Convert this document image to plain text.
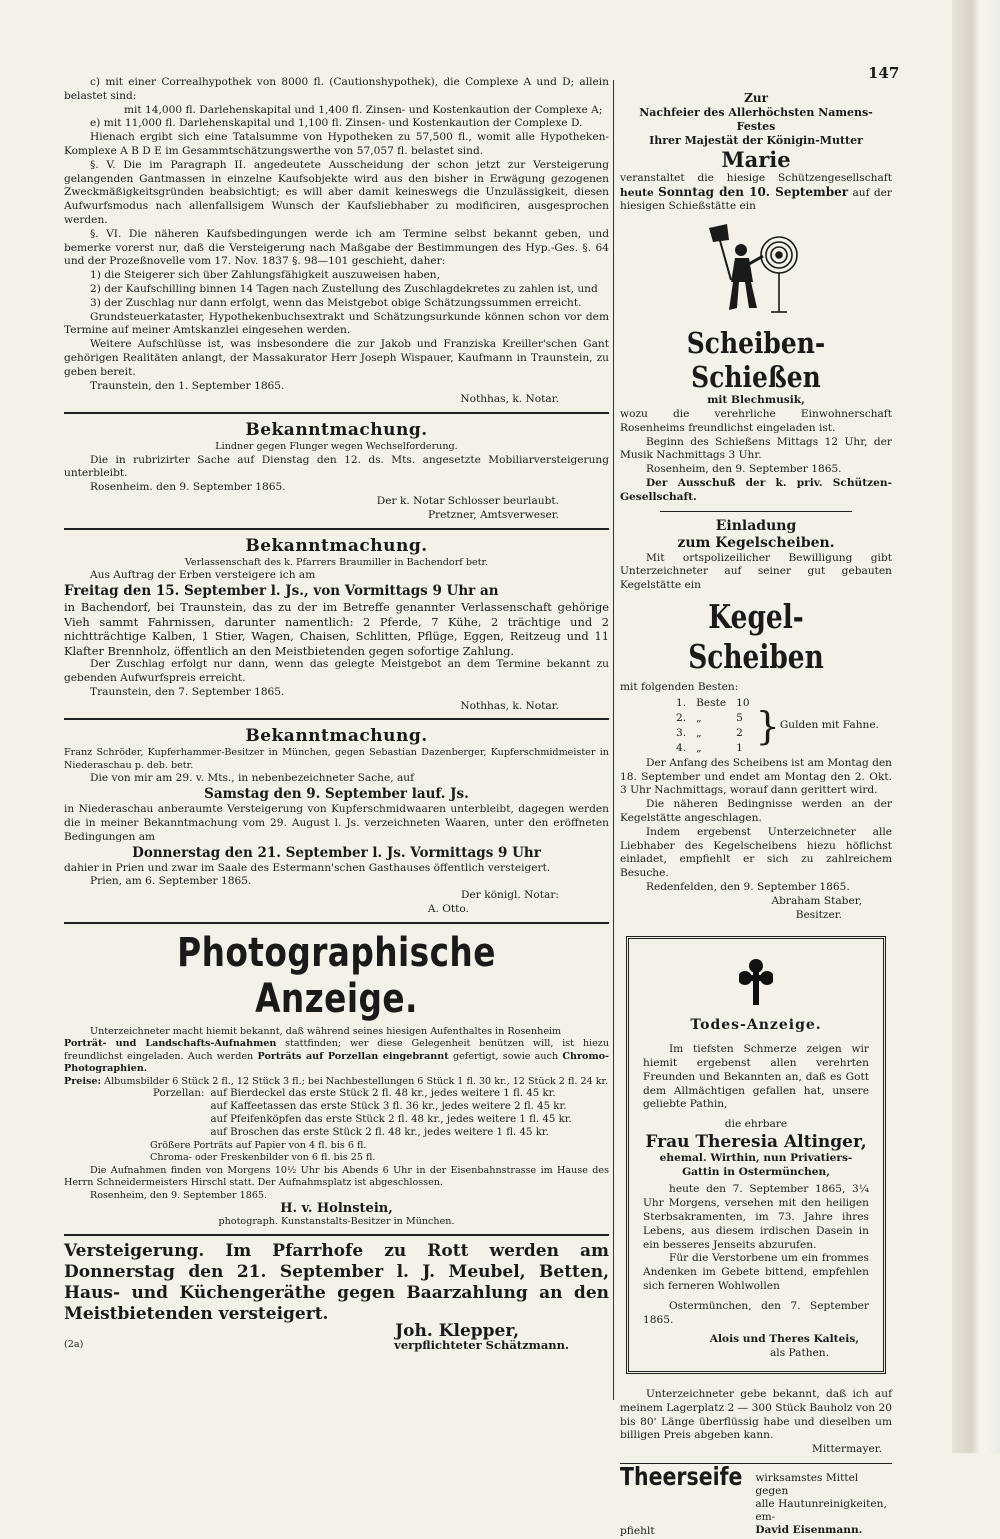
147

c) mit einer Correalhypothek von 8000 fl. (Cautionshypothek), die Complexe A und D; allein belastet sind:

mit 14,000 fl. Darlehenskapital und 1,400 fl. Zinsen- und Kostenkaution der Complexe A;

e) mit 11,000 fl. Darlehenskapital und 1,100 fl. Zinsen- und Kostenkaution der Complexe D.

Hienach ergibt sich eine Tatalsumme von Hypotheken zu 57,500 fl., womit alle Hypotheken-Komplexe A B D E im Gesammtschätzungswerthe von 57,057 fl. belastet sind.

§. V. Die im Paragraph II. angedeutete Ausscheidung der schon jetzt zur Versteigerung gelangenden Gantmassen in einzelne Kaufsobjekte wird aus den bisher in Erwägung gezogenen Zweckmäßigkeitsgründen beabsichtigt; es will aber damit keineswegs die Unzulässigkeit, diesen Aufwurfsmodus nach allenfallsigem Wunsch der Kaufsliebhaber zu modificiren, ausgesprochen werden.

§. VI. Die näheren Kaufsbedingungen werde ich am Termine selbst bekannt geben, und bemerke vorerst nur, daß die Versteigerung nach Maßgabe der Bestimmungen des Hyp.-Ges. §. 64 und der Prozeßnovelle vom 17. Nov. 1837 §. 98—101 geschieht, daher:

1) die Steigerer sich über Zahlungsfähigkeit auszuweisen haben,

2) der Kaufschilling binnen 14 Tagen nach Zustellung des Zuschlagdekretes zu zahlen ist, und

3) der Zuschlag nur dann erfolgt, wenn das Meistgebot obige Schätzungssummen erreicht.

Grundsteuerkataster, Hypothekenbuchsextrakt und Schätzungsurkunde können schon vor dem Termine auf meiner Amtskanzlei eingesehen werden.

Weitere Aufschlüsse ist, was insbesondere die zur Jakob und Franziska Kreiller'schen Gant gehörigen Realitäten anlangt, der Massakurator Herr Joseph Wispauer, Kaufmann in Traunstein, zu geben bereit.

Traunstein, den 1. September 1865.

Nothhas, k. Notar.

Bekanntmachung.

Lindner gegen Flunger wegen Wechselforderung.

Die in rubrizirter Sache auf Dienstag den 12. ds. Mts. angesetzte Mobiliarversteigerung unterbleibt.

Rosenheim. den 9. September 1865.

Der k. Notar Schlosser beurlaubt.

Pretzner, Amtsverweser.

Bekanntmachung.

Verlassenschaft des k. Pfarrers Braumiller in Bachendorf betr.

Aus Auftrag der Erben versteigere ich am

Freitag den 15. September l. Js., von Vormittags 9 Uhr an

in Bachendorf, bei Traunstein, das zu der im Betreffe genannter Verlassenschaft gehörige Vieh sammt Fahrnissen, darunter namentlich: 2 Pferde, 7 Kühe, 2 trächtige und 2 nichtträchtige Kalben, 1 Stier, Wagen, Chaisen, Schlitten, Pflüge, Eggen, Reitzeug und 11 Klafter Brennholz, öffentlich an den Meistbietenden gegen sofortige Zahlung.

Der Zuschlag erfolgt nur dann, wenn das gelegte Meistgebot an dem Termine bekannt zu gebenden Aufwurfspreis erreicht.

Traunstein, den 7. September 1865.

Nothhas, k. Notar.

Bekanntmachung.

Franz Schröder, Kupferhammer-Besitzer in München, gegen Sebastian Dazenberger, Kupferschmidmeister in Niederaschau p. deb. betr.

Die von mir am 29. v. Mts., in nebenbezeichneter Sache, auf

Samstag den 9. September lauf. Js.

in Niederaschau anberaumte Versteigerung von Kupferschmidwaaren unterbleibt, dagegen werden die in meiner Bekanntmachung vom 29. August l. Js. verzeichneten Waaren, unter den eröffneten Bedingungen am

Donnerstag den 21. September l. Js. Vormittags 9 Uhr

dahier in Prien und zwar im Saale des Estermann'schen Gasthauses öffentlich versteigert.

Prien, am 6. September 1865.

Der königl. Notar:

A. Otto.

Photographische Anzeige.

Unterzeichneter macht hiemit bekannt, daß während seines hiesigen Aufenthaltes in Rosenheim

Porträt- und Landschafts-Aufnahmen stattfinden; wer diese Gelegenheit benützen will, ist hiezu freundlichst eingeladen. Auch werden Porträts auf Porzellan eingebrannt gefertigt, sowie auch Chromo-Photographien.

Preise: Albumsbilder 6 Stück 2 fl., 12 Stück 3 fl.; bei Nachbestellungen 6 Stück 1 fl. 30 kr., 12 Stück 2 fl. 24 kr.

Porzellan:	auf Bierdeckel das erste Stück 2 fl. 48 kr., jedes weitere 1 fl. 45 kr.
	auf Kaffeetassen das erste Stück 3 fl. 36 kr., jedes weitere 2 fl. 45 kr.
	auf Pfeifenköpfen das erste Stück 2 fl. 48 kr., jedes weitere 1 fl. 45 kr.
	auf Broschen das erste Stück 2 fl. 48 kr., jedes weitere 1 fl. 45 kr.

Größere Porträts auf Papier von 4 fl. bis 6 fl.

Chroma- oder Freskenbilder von 6 fl. bis 25 fl.

Die Aufnahmen finden von Morgens 10½ Uhr bis Abends 6 Uhr in der Eisenbahnstrasse im Hause des Herrn Schneidermeisters Hirschl statt. Der Aufnahmsplatz ist abgeschlossen.

Rosenheim, den 9. September 1865.

H. v. Holnstein,

photograph. Kunstanstalts-Besitzer in München.

Versteigerung. Im Pfarrhofe zu Rott werden am Donnerstag den 21. September l. J. Meubel, Betten, Haus- und Küchengeräthe gegen Baarzahlung an den Meistbietenden versteigert.

Joh. Klepper,

(2a)	verpflichteter Schätzmann.

Zur

Nachfeier des Allerhöchsten Namens-Festes

Ihrer Majestät der Königin-Mutter

Marie

veranstaltet die hiesige Schützengesellschaft heute Sonntag den 10. September auf der hiesigen Schießstätte ein

Scheiben-Schießen

mit Blechmusik,

wozu die verehrliche Einwohnerschaft Rosenheims freundlichst eingeladen ist.

Beginn des Schießens Mittags 12 Uhr, der Musik Nachmittags 3 Uhr.

Rosenheim, den 9. September 1865.

Der Ausschuß der k. priv. Schützen-Gesellschaft.

Einladung

zum Kegelscheiben.

Mit ortspolizeilicher Bewilligung gibt Unterzeichneter auf seiner gut gebauten Kegelstätte ein

Kegel-Scheiben

mit folgenden Besten:

1.	Beste	10
2.	„	5
3.	„	2
4.	„	1 } Gulden mit Fahne.

Der Anfang des Scheibens ist am Montag den 18. September und endet am Montag den 2. Okt. 3 Uhr Nachmittags, worauf dann gerittert wird.

Die näheren Bedingnisse werden an der Kegelstätte angeschlagen.

Indem ergebenst Unterzeichneter alle Liebhaber des Kegelscheibens hiezu höflichst einladet, empfiehlt er sich zu zahlreichem Besuche.

Redenfelden, den 9. September 1865.

Abraham Staber,

Besitzer.

Todes-Anzeige.

Im tiefsten Schmerze zeigen wir hiemit ergebenst allen verehrten Freunden und Bekannten an, daß es Gott dem Allmächtigen gefallen hat, unsere geliebte Pathin,

die ehrbare

Frau Theresia Altinger,

ehemal. Wirthin, nun Privatiers-Gattin in Ostermünchen,

heute den 7. September 1865, 3¼ Uhr Morgens, versehen mit den heiligen Sterbsakramenten, im 73. Jahre ihres Lebens, aus diesem irdischen Dasein in ein besseres Jenseits abzurufen.

Für die Verstorbene um ein frommes Andenken im Gebete bittend, empfehlen sich ferneren Wohlwollen

Ostermünchen, den 7. September 1865.

Alois und Theres Kalteis,

als Pathen.

Unterzeichneter gebe bekannt, daß ich auf meinem Lagerplatz 2 — 300 Stück Bauholz von 20 bis 80' Länge überflüssig habe und dieselben um billigen Preis abgeben kann.

Mittermayer.

Theerseife wirksamstes Mittel gegen
alle Hautunreinigkeiten, em-
David Eisenmann.

pfiehlt
